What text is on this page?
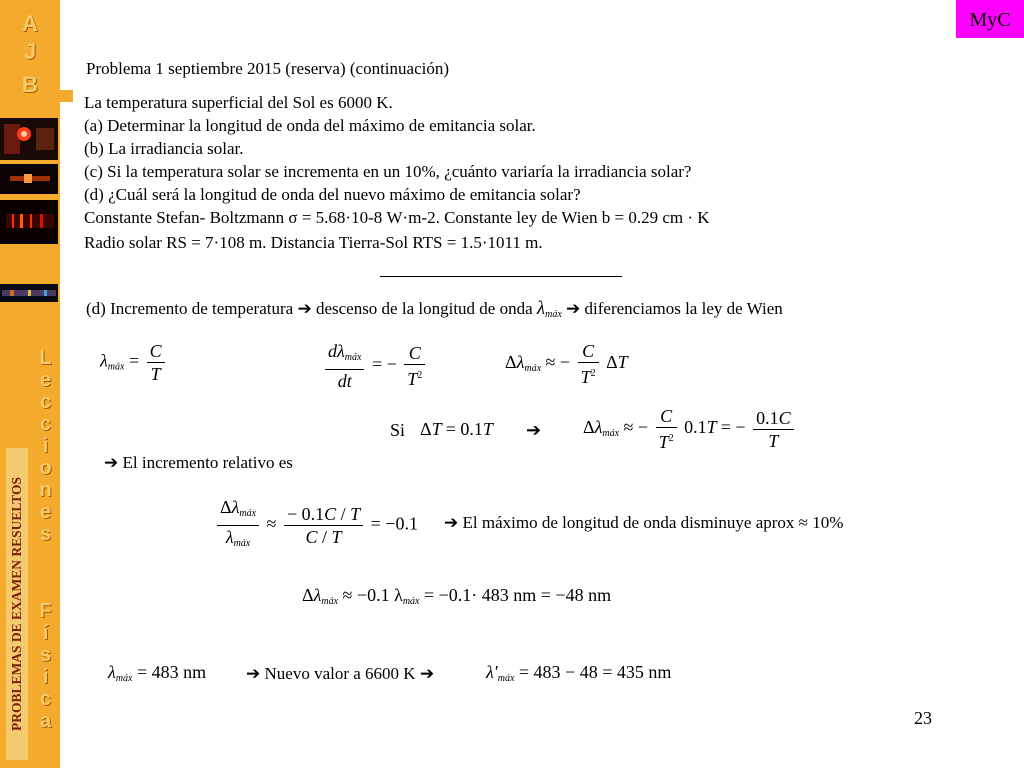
A
J
B
L
e
c
c
i
o
n
e
s
F
í
s
i
c
a
PROBLEMAS DE EXAMEN RESUELTOS
MyC
Problema 1 septiembre 2015 (reserva) (continuación)
La temperatura superficial del Sol es 6000 K.
(a) Determinar la longitud de onda del máximo de emitancia solar.
(b) La irradiancia solar.
(c) Si la temperatura solar se incrementa en un 10%, ¿cuánto variaría la irradiancia solar?
(d) ¿Cuál será la longitud de onda del nuevo máximo de emitancia solar?
Constante Stefan- Boltzmann σ = 5.68·10-8 W·m-2. Constante ley de Wien b = 0.29 cm · K
Radio solar RS = 7·108 m. Distancia Tierra-Sol RTS = 1.5·1011 m.
(d) Incremento de temperatura ➔ descenso de la longitud de onda $\lambda_{máx}$ ➔ diferenciamos la ley de Wien
$\lambda_{máx} = \frac{C}{T}$	$\frac{d\lambda_{máx}}{dt}$ = − $\frac{C}{T^2}$	$\Delta\lambda_{máx}$ ≈ − $\frac{C}{T^2}$ ΔT
Si ΔT = 0.1T ➔ $\Delta\lambda_{máx}$ ≈ − $\frac{C}{T^2} 0.1T$ = − $\frac{0.1C}{T}$
➔ El incremento relativo es
$\frac{\Delta\lambda_{máx}}{\lambda_{máx}} \approx \frac{- 0.1C / T}{C / T} = -0.1$ ➔ El máximo de longitud de onda disminuye aprox ≈ 10%
$\Delta\lambda_{máx} \approx -0.1$ $\lambda_{máx} = -0.1\cdot 483$ nm = −48 nm
$\lambda_{máx} = 483$ nm ➔ Nuevo valor a 6600 K ➔	$\lambda'_{máx} = 483 - 48 = 435$ nm
23
